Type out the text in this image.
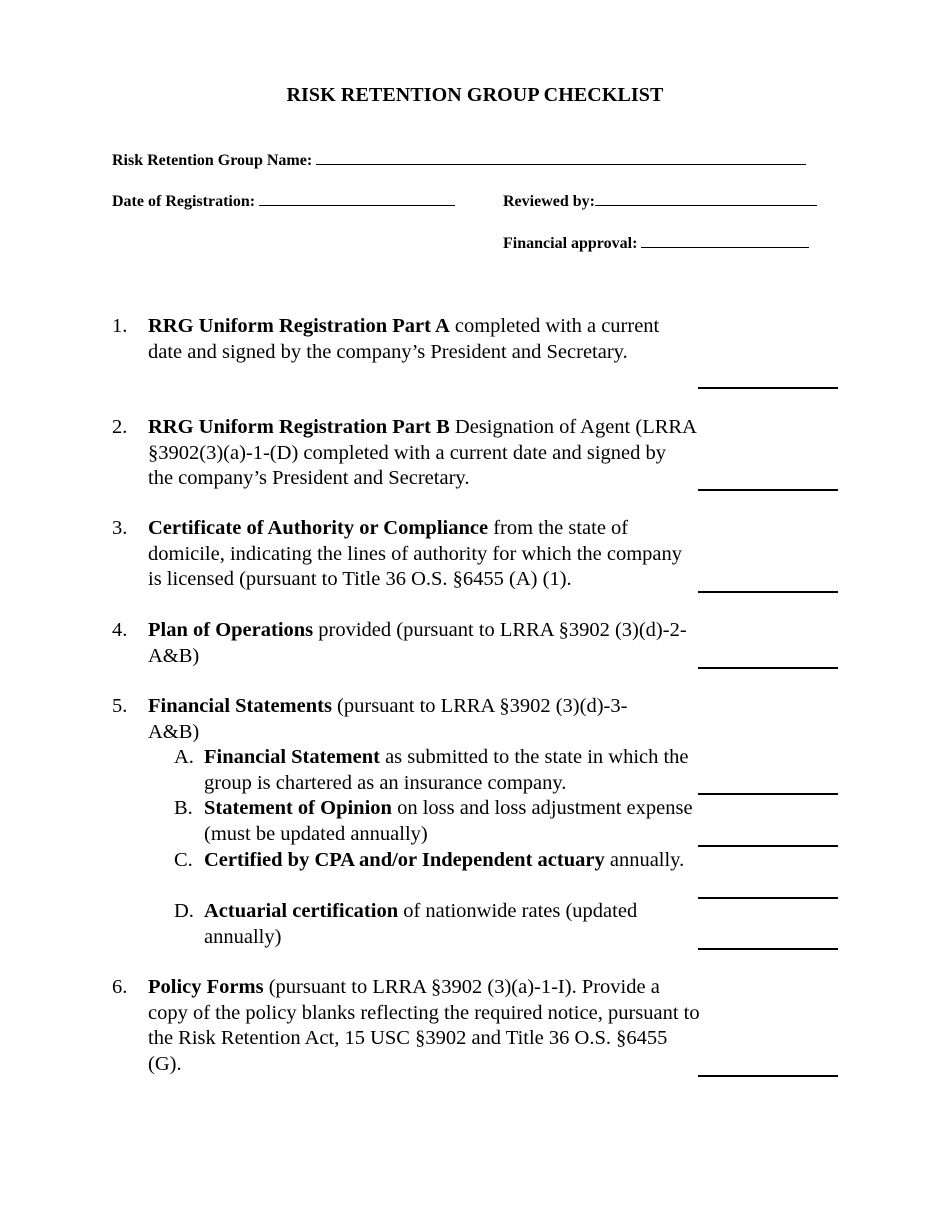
RISK RETENTION GROUP CHECKLIST
Risk Retention Group Name:
Date of Registration:	Reviewed by:
Financial approval:
1. RRG Uniform Registration Part A completed with a current date and signed by the company’s President and Secretary.

2. RRG Uniform Registration Part B Designation of Agent (LRRA §3902(3)(a)-1-(D) completed with a current date and signed by the company’s President and Secretary.

3. Certificate of Authority or Compliance from the state of domicile, indicating the lines of authority for which the company is licensed (pursuant to Title 36 O.S. §6455 (A) (1).

4. Plan of Operations provided (pursuant to LRRA §3902 (3)(d)-2-A&B)

5. Financial Statements (pursuant to LRRA §3902 (3)(d)-3-A&B)

A. Financial Statement as submitted to the state in which the group is chartered as an insurance company.
B. Statement of Opinion on loss and loss adjustment expense (must be updated annually)
C. Certified by CPA and/or Independent actuary annually.
D. Actuarial certification of nationwide rates (updated annually)
6. Policy Forms (pursuant to LRRA §3902 (3)(a)-1-I). Provide a copy of the policy blanks reflecting the required notice, pursuant to the Risk Retention Act, 15 USC §3902 and Title 36 O.S. §6455 (G).
